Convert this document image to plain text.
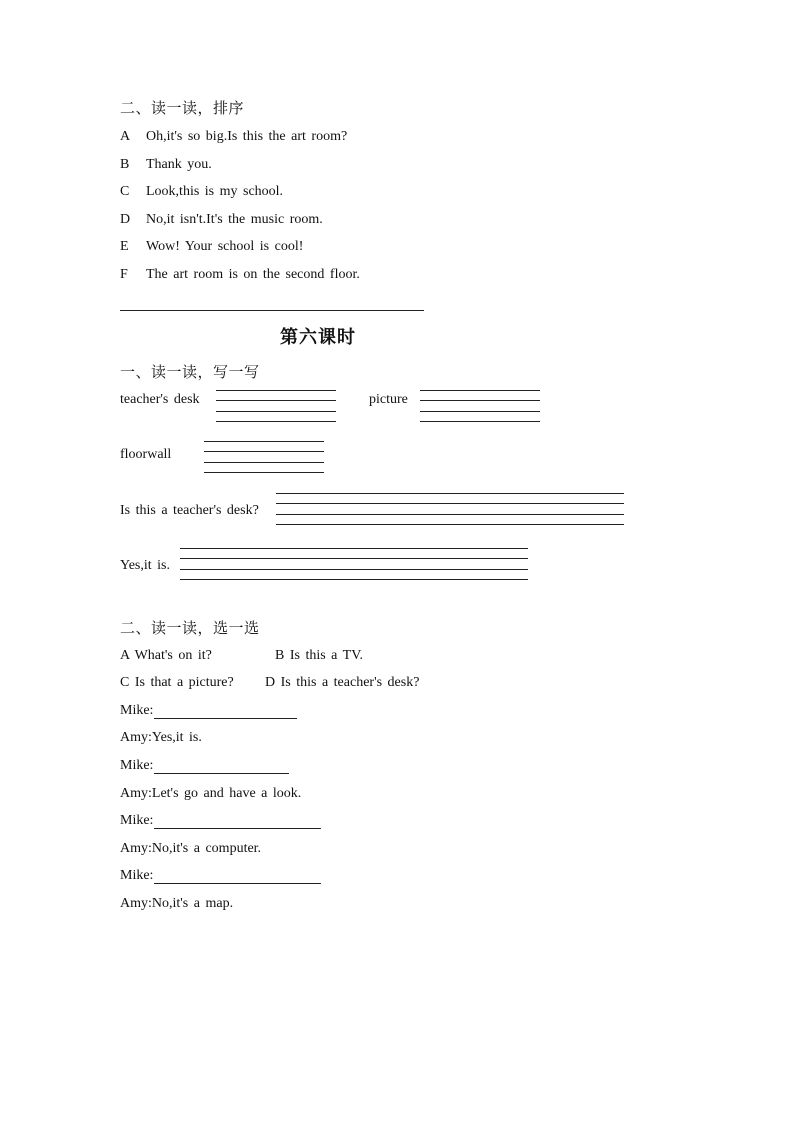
二、读一读，排序
A Oh,it's so big.Is this the art room?
B Thank you.
C Look,this is my school.
D No,it isn't.It's the music room.
E Wow! Your school is cool!
F The art room is on the second floor.
第六课时
一、读一读，写一写
teacher's desk	picture
floorwall
Is this a teacher's desk?
Yes,it is.
二、读一读，选一选
A What's on it?	B Is this a TV.
C Is that a picture? D Is this a teacher's desk?
Mike:
Amy:Yes,it is.
Mike:
Amy:Let's go and have a look.
Mike:
Amy:No,it's a computer.
Mike:
Amy:No,it's a map.
